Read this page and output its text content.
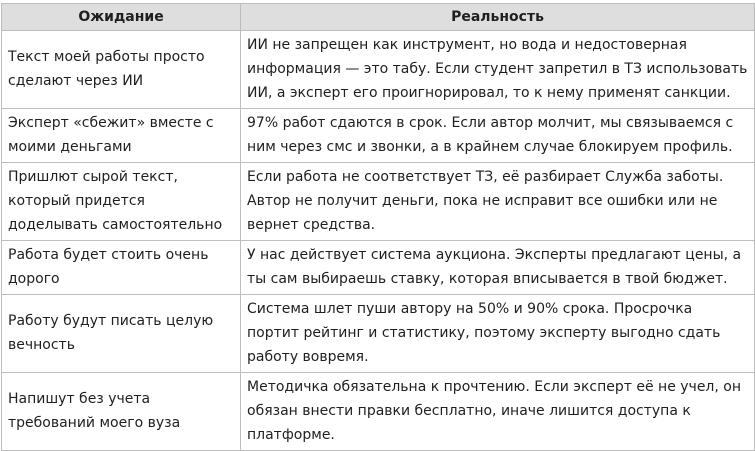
Ожидание	Реальность
Текст моей работы просто сделают через ИИ	ИИ не запрещен как инструмент, но вода и недостоверная информация — это табу. Если студент запретил в ТЗ использовать ИИ, а эксперт его проигнорировал, то к нему применят санкции.
Эксперт «сбежит» вместе с моими деньгами	97% работ сдаются в срок. Если автор молчит, мы связываемся с ним через смс и звонки, а в крайнем случае блокируем профиль.
Пришлют сырой текст, который придется доделывать самостоятельно	Если работа не соответствует ТЗ, её разбирает Служба заботы. Автор не получит деньги, пока не исправит все ошибки или не вернет средства.
Работа будет стоить очень дорого	У нас действует система аукциона. Эксперты предлагают цены, а ты сам выбираешь ставку, которая вписывается в твой бюджет.
Работу будут писать целую вечность	Система шлет пуши автору на 50% и 90% срока. Просрочка портит рейтинг и статистику, поэтому эксперту выгодно сдать работу вовремя.
Напишут без учета требований моего вуза	Методичка обязательна к прочтению. Если эксперт её не учел, он обязан внести правки бесплатно, иначе лишится доступа к платформе.
